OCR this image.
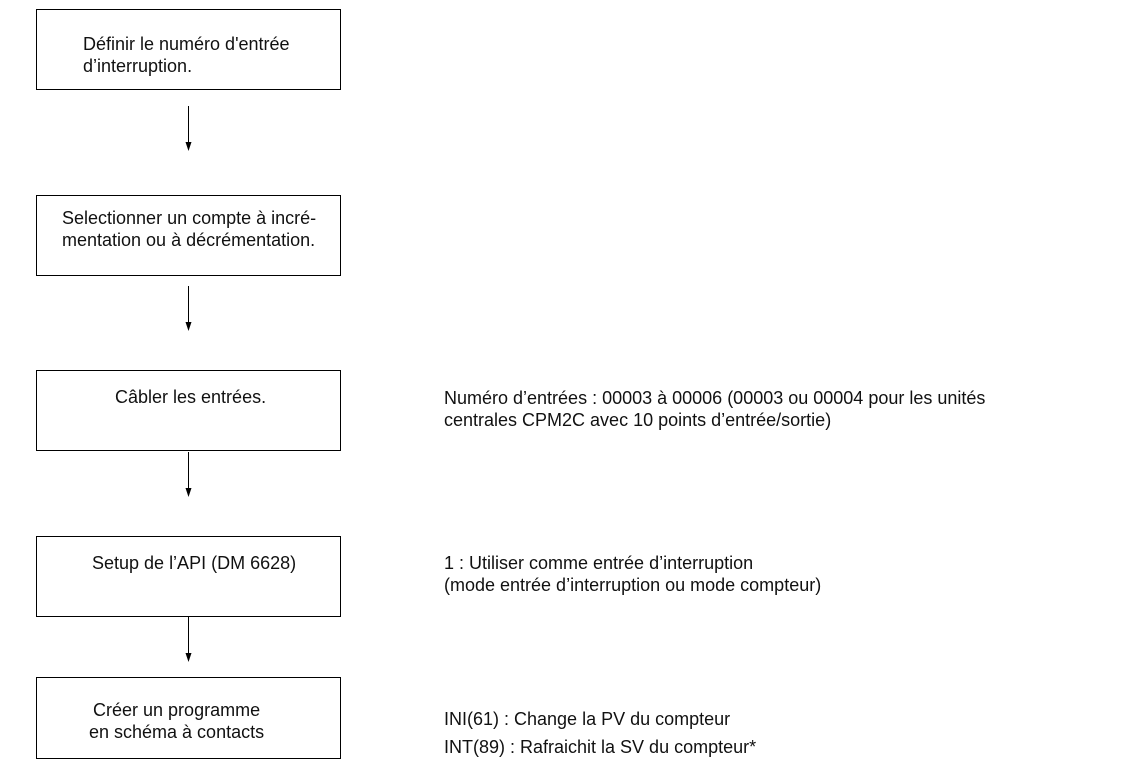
Définir le numéro d'entrée
d’interruption.
Selectionner un compte à incré-
mentation ou à décrémentation.
Câbler les entrées.	Numéro d’entrées : 00003 à 00006 (00003 ou 00004 pour les unités
centrales CPM2C avec 10 points d’entrée/sortie)
Setup de l’API (DM 6628)	1 : Utiliser comme entrée d’interruption
(mode entrée d’interruption ou mode compteur)
Créer un programme
en schéma à contacts
INI(61) : Change la PV du compteur
INT(89) : Rafraichit la SV du compteur*
